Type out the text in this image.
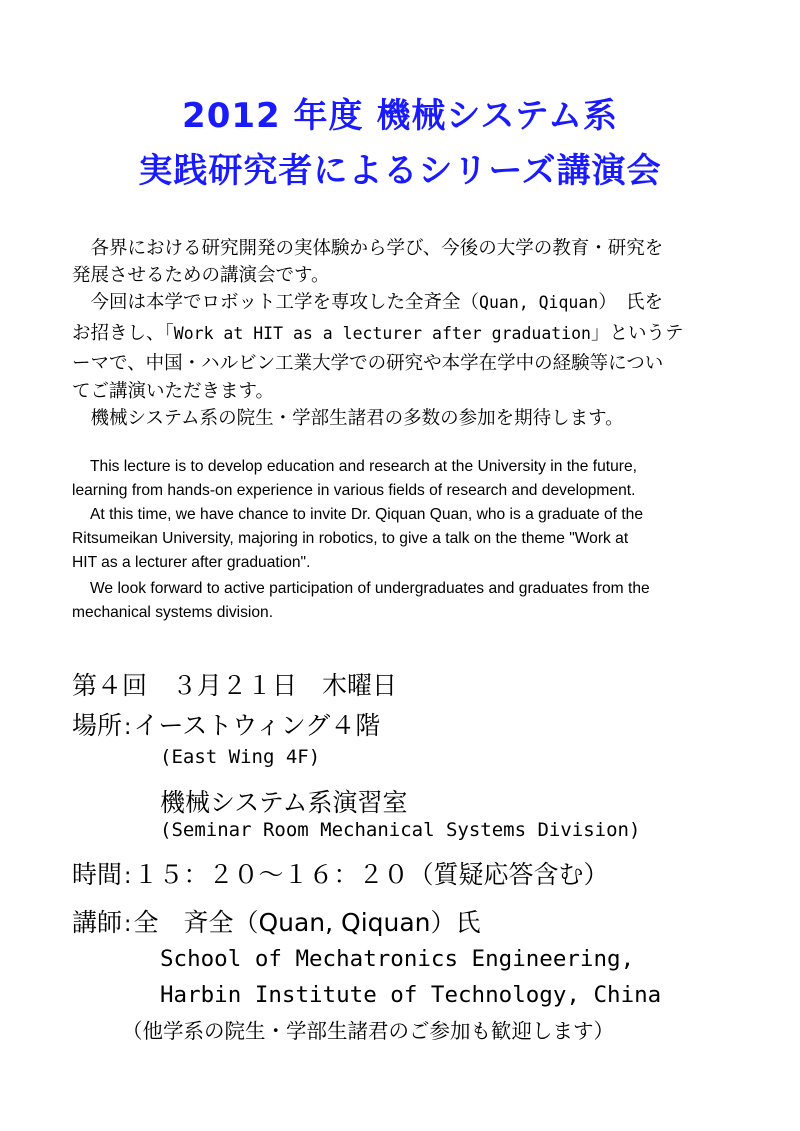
2012 年度 機械システム系
実践研究者によるシリーズ講演会
　各界における研究開発の実体験から学び、今後の大学の教育・研究を
発展させるための講演会です。
　今回は本学でロボット工学を専攻した全斉全（Quan, Qiquan）　氏を
お招きし、「Work at HIT as a lecturer after graduation」というテ
ーマで、中国・ハルビン工業大学での研究や本学在学中の経験等につい
てご講演いただきます。
　機械システム系の院生・学部生諸君の多数の参加を期待します。
This lecture is to develop education and research at the University in the future,
learning from hands-on experience in various fields of research and development.
At this time, we have chance to invite Dr. Qiquan Quan, who is a graduate of the
Ritsumeikan University, majoring in robotics, to give a talk on the theme "Work at
HIT as a lecturer after graduation".
We look forward to active participation of undergraduates and graduates from the
mechanical systems division.
第４回　３月２１日　木曜日
場所:イーストウィング４階
(East Wing 4F)
機械システム系演習室
(Seminar Room Mechanical Systems Division)
時間:１５：２０～１６：２０（質疑応答含む）
講師:全　斉全（Quan, Qiquan）氏
School of Mechatronics Engineering,
Harbin Institute of Technology, China
（他学系の院生・学部生諸君のご参加も歓迎します）
